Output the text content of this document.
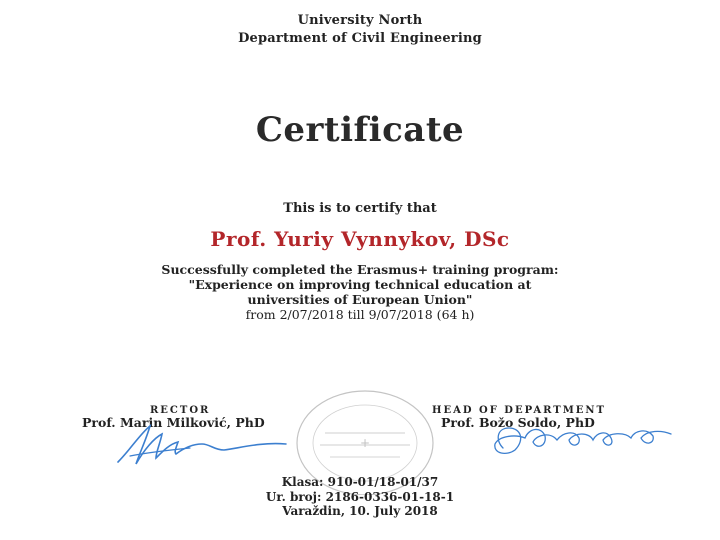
University North
Department of Civil Engineering
Certificate
This is to certify that
Prof. Yuriy Vynnykov, DSc
Successfully completed the Erasmus+ training program:
"Experience on improving technical education at
universities of European Union"
from 2/07/2018 till 9/07/2018 (64 h)
+
RECTOR
Prof. Marin Milković, PhD
HEAD OF DEPARTMENT
Prof. Božo Soldo, PhD
Klasa: 910-01/18-01/37
Ur. broj: 2186-0336-01-18-1
Varaždin, 10. July 2018
